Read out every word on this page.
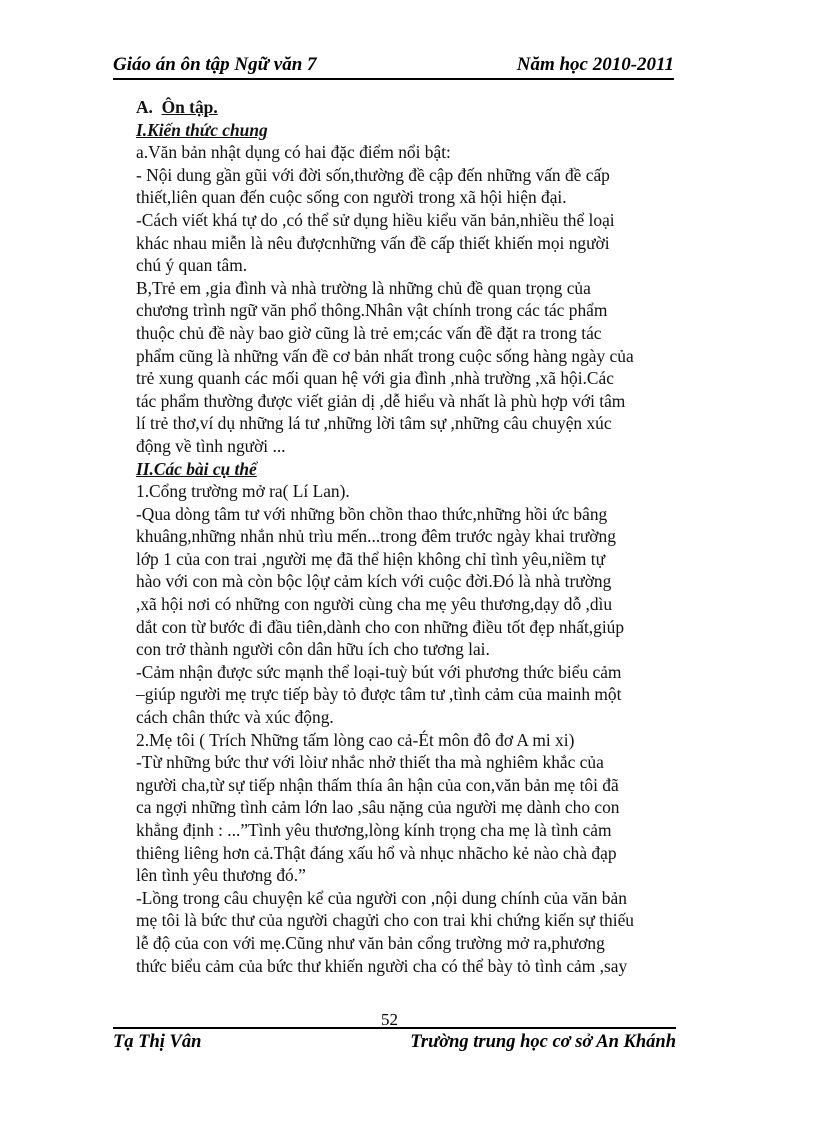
Giáo án ôn tập Ngữ văn 7	Năm học 2010-2011

A. Ôn tập.

I.Kiến thức chung

a.Văn bản nhật dụng có hai đặc điểm nổi bật:

- Nội dung gần gũi với đời sốn,thường đề cập đến những vấn đề cấp

thiết,liên quan đến cuộc sống con người trong xã hội hiện đại.

-Cách viết khá tự do ,có thể sử dụng hiều kiểu văn bản,nhiều thể loại

khác nhau miễn là nêu đượcnhững vấn đề cấp thiết khiến mọi người

chú ý quan tâm.

B,Trẻ em ,gia đình và nhà trường là những chủ đề quan trọng của

chương trình ngữ văn phổ thông.Nhân vật chính trong các tác phẩm

thuộc chủ đề này bao giờ cũng là trẻ em;các vấn đề đặt ra trong tác

phẩm cũng là những vấn đề cơ bản nhất trong cuộc sống hàng ngày của

trẻ xung quanh các mối quan hệ với gia đình ,nhà trường ,xã hội.Các

tác phẩm thường được viết giản dị ,dễ hiểu và nhất là phù hợp với tâm

lí trẻ thơ,ví dụ những lá tư ,những lời tâm sự ,những câu chuyện xúc

động về tình người ...

II.Các bài cụ thể

1.Cổng trường mở ra( Lí Lan).

-Qua dòng tâm tư với những bồn chồn thao thức,những hồi ức bâng

khuâng,những nhắn nhủ trìu mến...trong đêm trước ngày khai trường

lớp 1 của con trai ,người mẹ đã thể hiện không chỉ tình yêu,niềm tự

hào với con mà còn bộc lộự cảm kích với cuộc đời.Đó là nhà trường

,xã hội nơi có những con người cùng cha mẹ yêu thương,dạy dỗ ,dìu

dắt con từ bước đi đầu tiên,dành cho con những điều tốt đẹp nhất,giúp

con trở thành người côn dân hữu ích cho tương lai.

-Cảm nhận được sức mạnh thể loại-tuỳ bút với phương thức biểu cảm

–giúp người mẹ trực tiếp bày tỏ được tâm tư ,tình cảm của mainh một

cách chân thức và xúc động.

2.Mẹ tôi ( Trích Những tấm lòng cao cả-Ét môn đô đơ A mi xi)

-Từ những bức thư với lòiư nhắc nhở thiết tha mà nghiêm khắc của

người cha,từ sự tiếp nhận thấm thía ân hận của con,văn bản mẹ tôi đã

ca ngợi những tình cảm lớn lao ,sâu nặng của người mẹ dành cho con

khẳng định : ...”Tình yêu thương,lòng kính trọng cha mẹ là tình cảm

thiêng liêng hơn cả.Thật đáng xấu hổ và nhục nhãcho kẻ nào chà đạp

lên tình yêu thương đó.”

-Lồng trong câu chuyện kể của người con ,nội dung chính của văn bản

mẹ tôi là bức thư của người chagửi cho con trai khi chứng kiến sự thiếu

lễ độ của con với mẹ.Cũng như văn bản cổng trường mở ra,phương

thức biểu cảm của bức thư khiến người cha có thể bày tỏ tình cảm ,say

52
Tạ Thị Vân	Trường trung học cơ sở An Khánh
